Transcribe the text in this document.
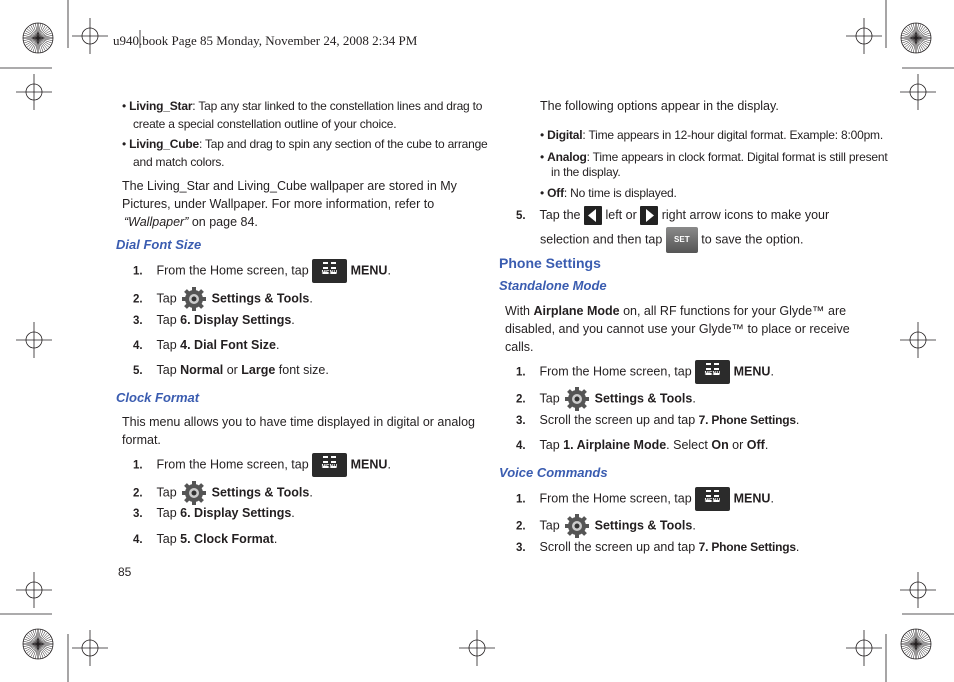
u940.book Page 85 Monday, November 24, 2008 2:34 PM
• Living_Star: Tap any star linked to the constellation lines and drag to
create a special constellation outline of your choice.
• Living_Cube: Tap and drag to spin any section of the cube to arrange
and match colors.
The Living_Star and Living_Cube wallpaper are stored in My
Pictures, under Wallpaper. For more information, refer to
“Wallpaper” on page 84.
Dial Font Size
1. From the Home screen, tap	MENU	MENU.
2. Tap	Settings & Tools.
3. Tap 6. Display Settings.
4. Tap 4. Dial Font Size.
5. Tap Normal or Large font size.
Clock Format
This menu allows you to have time displayed in digital or analog
format.
1. From the Home screen, tap	MENU	MENU.
2. Tap	Settings & Tools.
3. Tap 6. Display Settings.
4. Tap 5. Clock Format.
85
The following options appear in the display.
• Digital: Time appears in 12-hour digital format. Example: 8:00pm.
• Analog: Time appears in clock format. Digital format is still present
in the display.
• Off: No time is displayed.
5. Tap the left or right arrow icons to make your
selection and then tap SET to save the option.
Phone Settings
Standalone Mode
With Airplane Mode on, all RF functions for your Glyde™ are
disabled, and you cannot use your Glyde™ to place or receive
calls.
1. From the Home screen, tap	MENU	MENU.
2. Tap	Settings & Tools.
3. Scroll the screen up and tap 7. Phone Settings.
4. Tap 1. Airplaine Mode. Select On or Off.
Voice Commands
1. From the Home screen, tap	MENU	MENU.
2. Tap	Settings & Tools.
3. Scroll the screen up and tap 7. Phone Settings.
